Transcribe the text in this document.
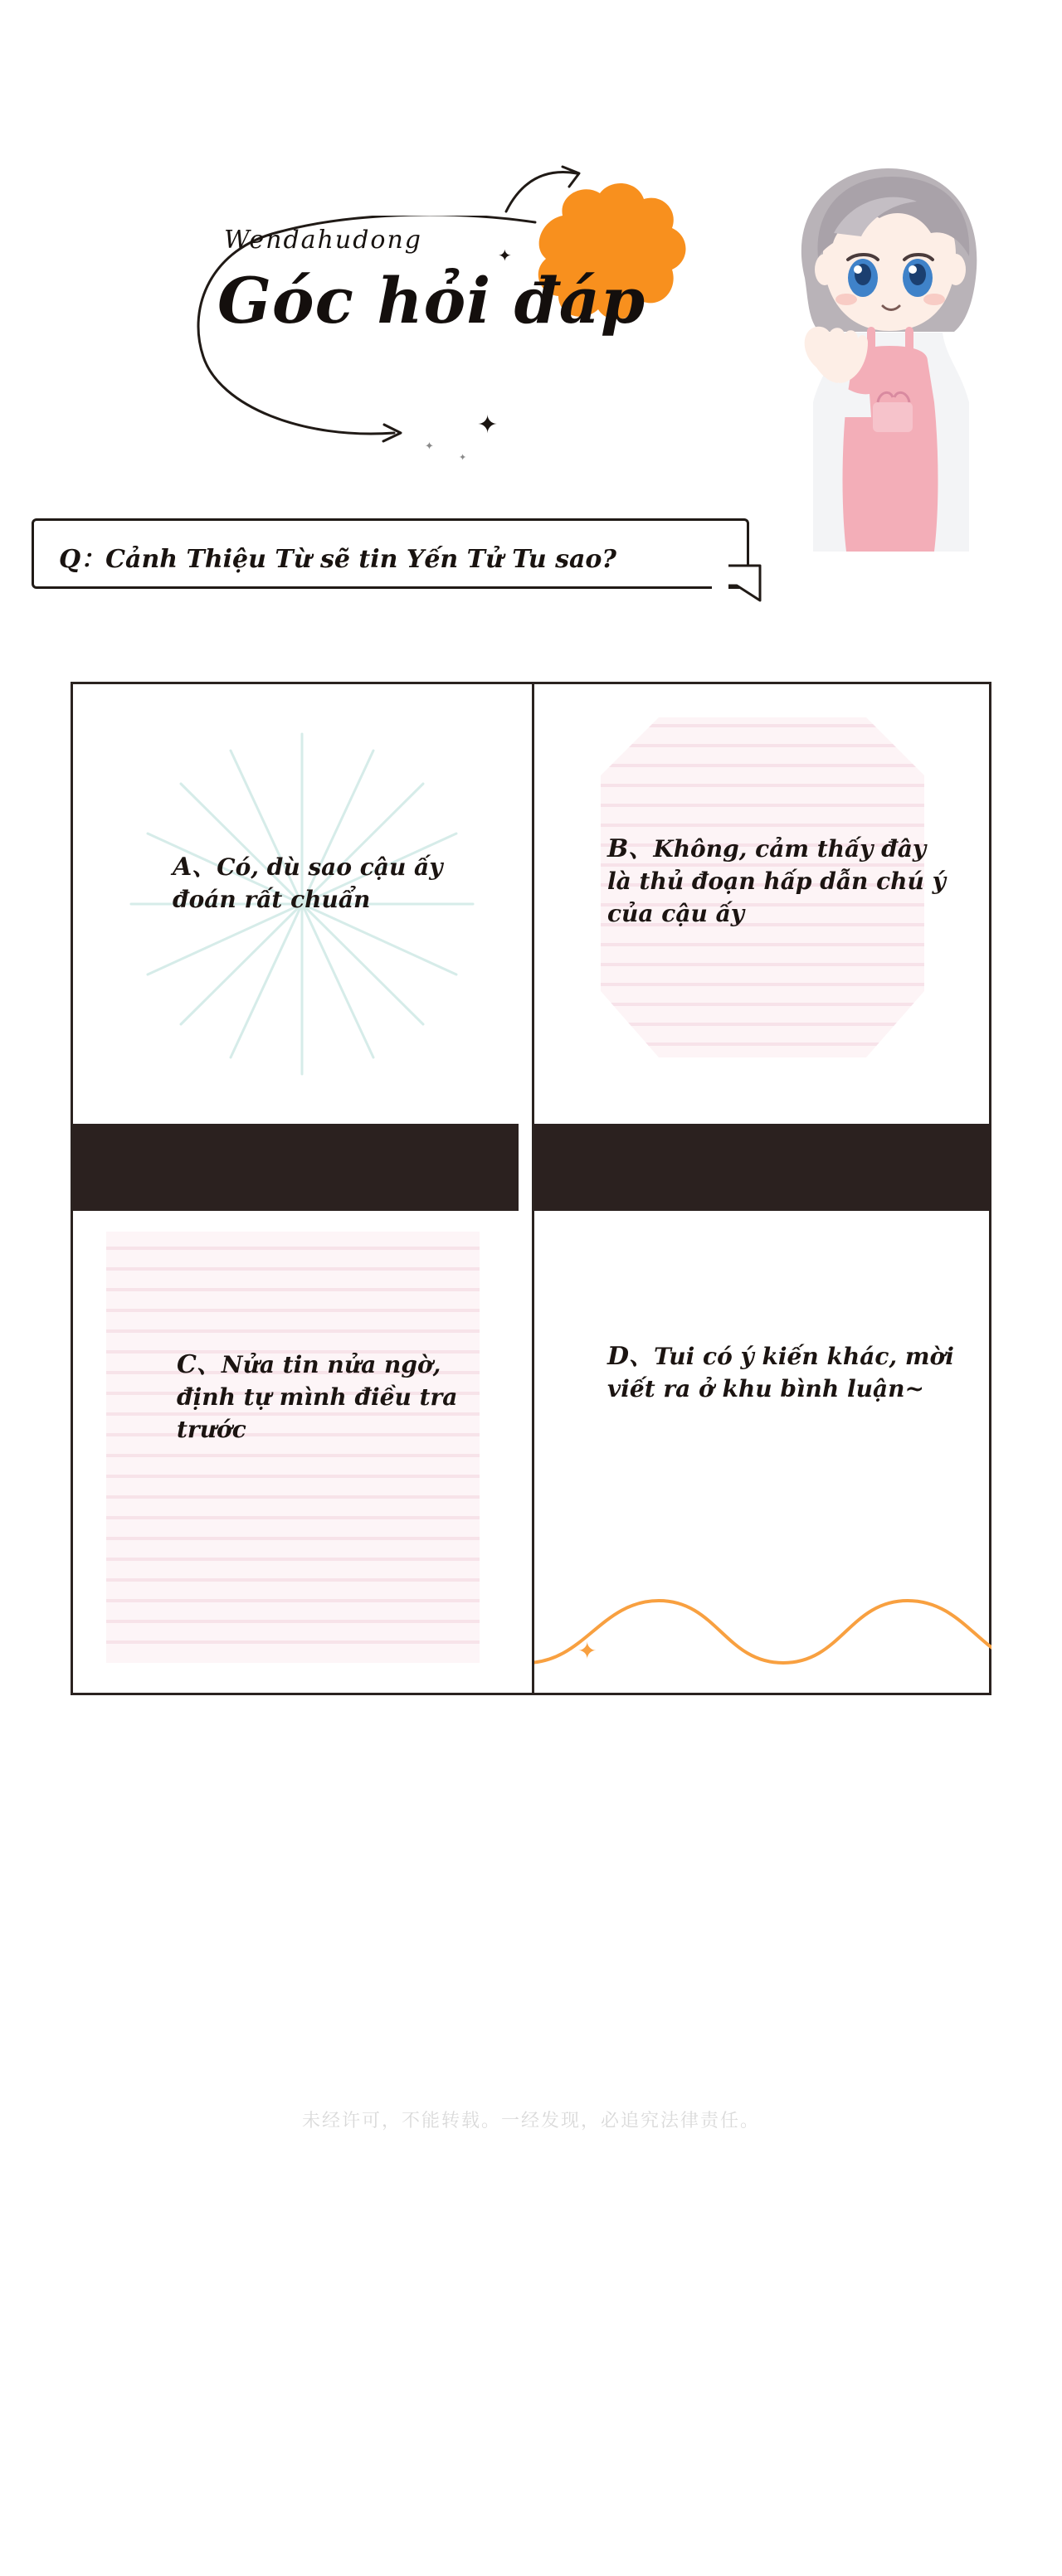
Wendahudong
Góc hỏi đáp
✦
✦
✦
✦
Q：Cảnh Thiệu Từ sẽ tin Yến Tử Tu sao?
A、Có, dù sao cậu ấy đoán rất chuẩn
B、Không, cảm thấy đây là thủ đoạn hấp dẫn chú ý của cậu ấy
C、Nửa tin nửa ngờ, định tự mình điều tra trước
✦
D、Tui có ý kiến khác, mời viết ra ở khu bình luận~
未经许可，不能转载。一经发现，必追究法律责任。
